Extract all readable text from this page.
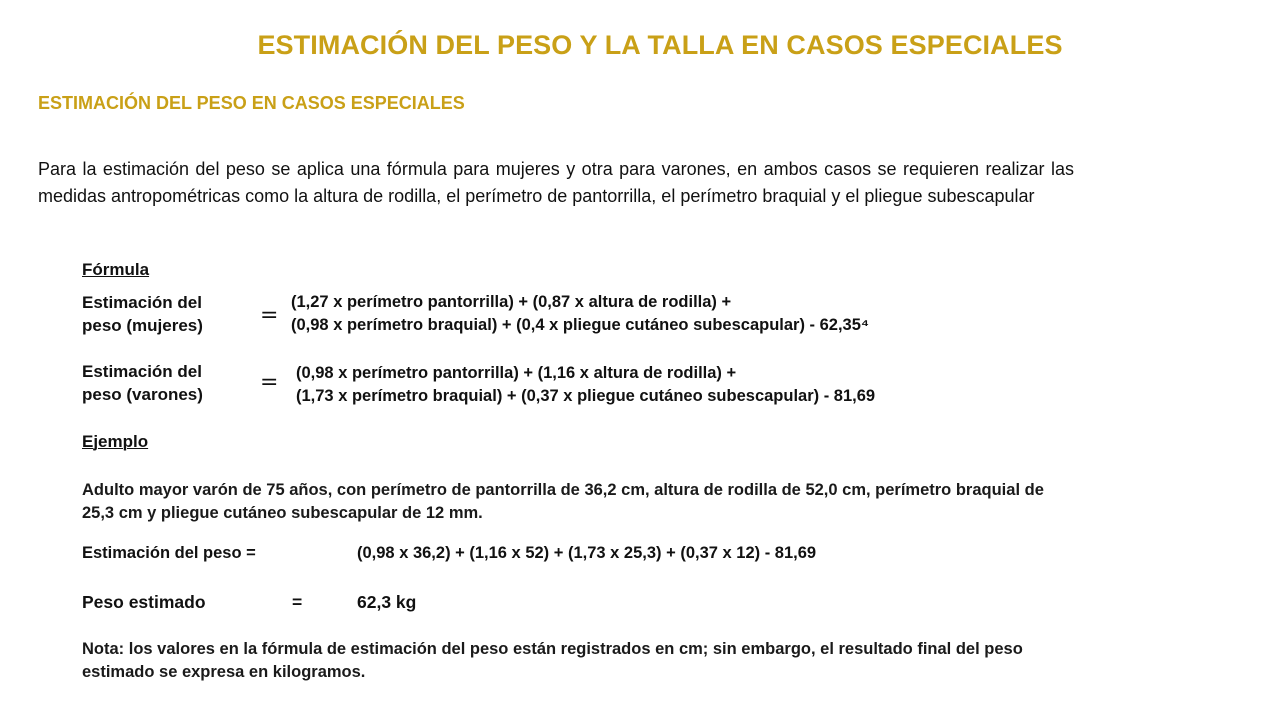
ESTIMACIÓN DEL PESO Y LA TALLA EN CASOS ESPECIALES
ESTIMACIÓN DEL PESO EN CASOS ESPECIALES

Para la estimación del peso se aplica una fórmula para mujeres y otra para varones, en ambos casos se requieren realizar las medidas antropométricas como la altura de rodilla, el perímetro de pantorrilla, el perímetro braquial y el pliegue subescapular

Fórmula
Estimación del
peso (mujeres)	=
(1,27 x perímetro pantorrilla) + (0,87 x altura de rodilla) +
(0,98 x perímetro braquial) + (0,4 x pliegue cutáneo subescapular) - 62,35⁴
Estimación del
peso (varones)	= (0,98 x perímetro pantorrilla) + (1,16 x altura de rodilla) +
(1,73 x perímetro braquial) + (0,37 x pliegue cutáneo subescapular) - 81,69
Ejemplo
Adulto mayor varón de 75 años, con perímetro de pantorrilla de 36,2 cm, altura de rodilla de 52,0 cm, perímetro braquial de 25,3 cm y pliegue cutáneo subescapular de 12 mm.
Estimación del peso =	(0,98 x 36,2) + (1,16 x 52) + (1,73 x 25,3) + (0,37 x 12) - 81,69
Peso estimado	=	62,3 kg
Nota: los valores en la fórmula de estimación del peso están registrados en cm; sin embargo, el resultado final del peso estimado se expresa en kilogramos.
